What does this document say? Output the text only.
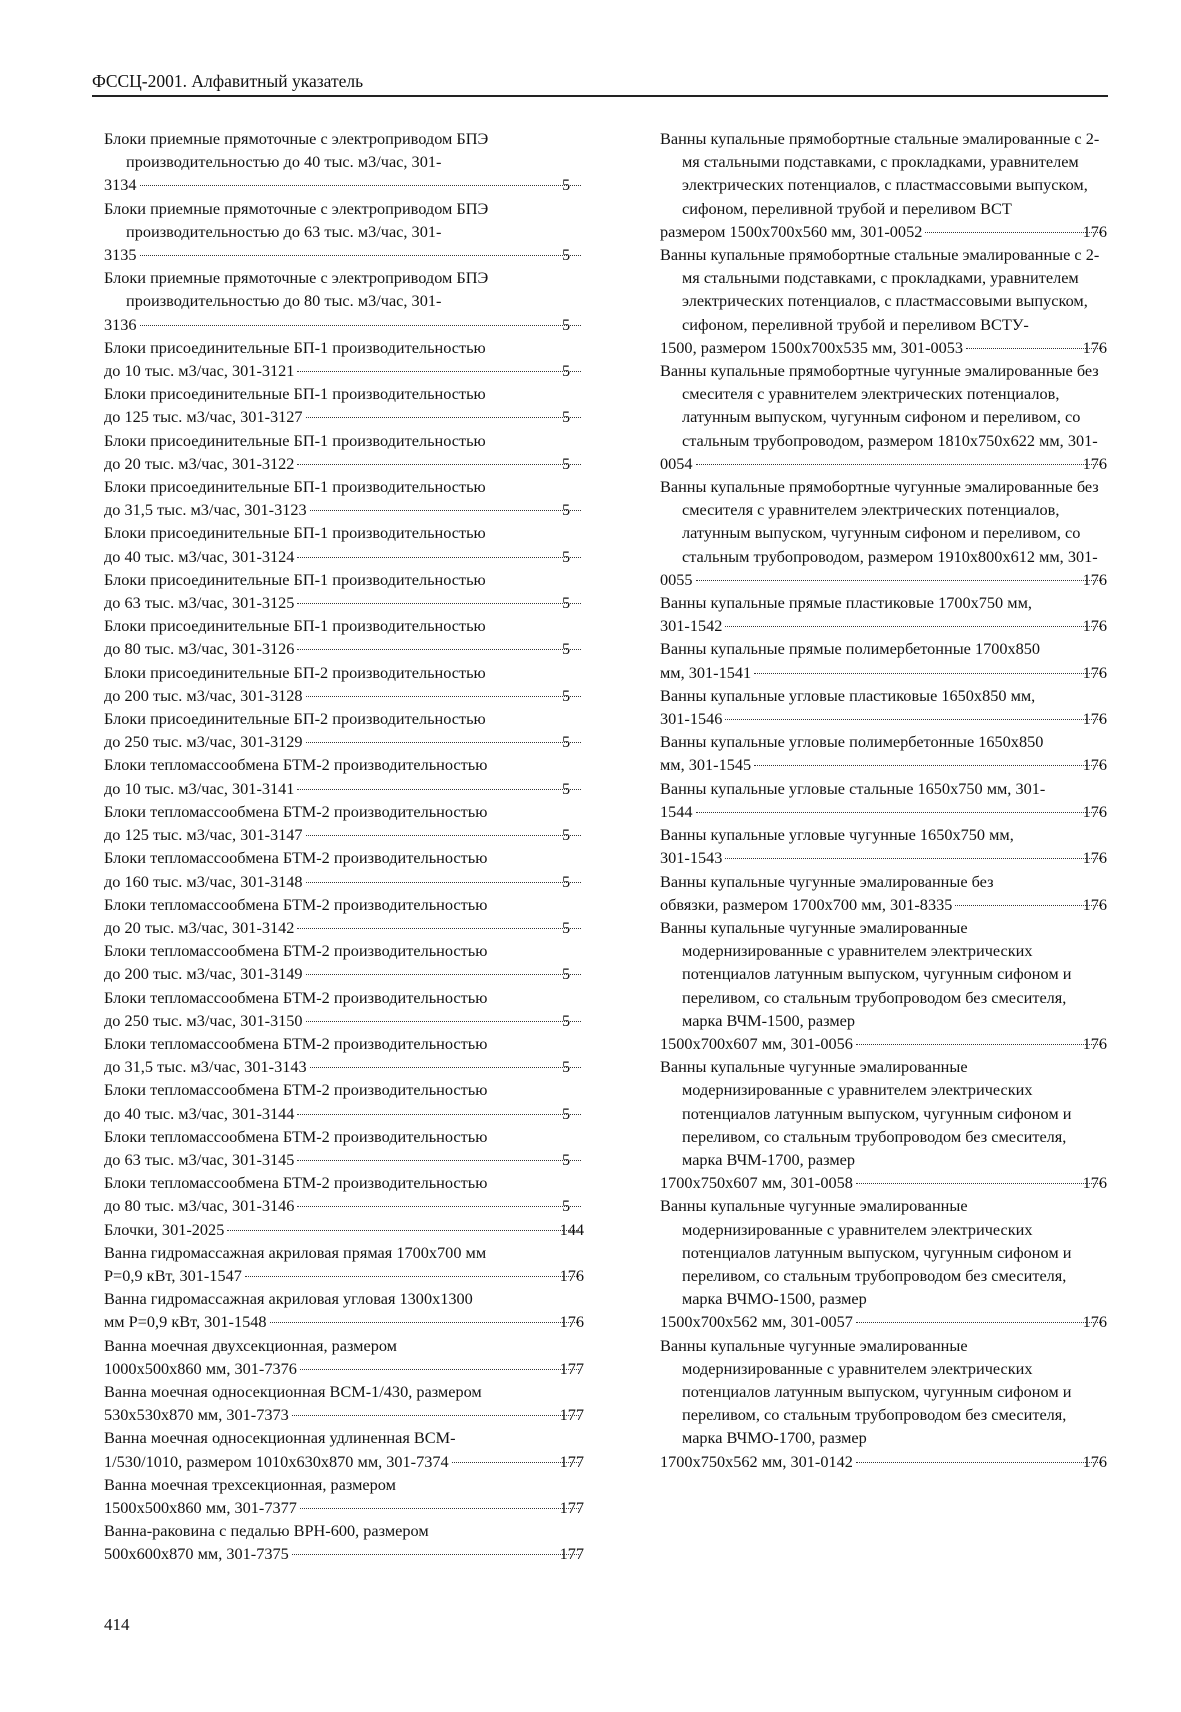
ФССЦ-2001. Алфавитный указатель
Блоки приемные прямоточные с электроприводом БПЭ производительностью до 40 тыс. м3/час, 301-
3134	5
Блоки приемные прямоточные с электроприводом БПЭ производительностью до 63 тыс. м3/час, 301-
3135	5
Блоки приемные прямоточные с электроприводом БПЭ производительностью до 80 тыс. м3/час, 301-
3136	5
Блоки присоединительные БП-1 производительностью
до 10 тыс. м3/час, 301-3121	5
Блоки присоединительные БП-1 производительностью
до 125 тыс. м3/час, 301-3127	5
Блоки присоединительные БП-1 производительностью
до 20 тыс. м3/час, 301-3122	5
Блоки присоединительные БП-1 производительностью
до 31,5 тыс. м3/час, 301-3123	5
Блоки присоединительные БП-1 производительностью
до 40 тыс. м3/час, 301-3124	5
Блоки присоединительные БП-1 производительностью
до 63 тыс. м3/час, 301-3125	5
Блоки присоединительные БП-1 производительностью
до 80 тыс. м3/час, 301-3126	5
Блоки присоединительные БП-2 производительностью
до 200 тыс. м3/час, 301-3128	5
Блоки присоединительные БП-2 производительностью
до 250 тыс. м3/час, 301-3129	5
Блоки тепломассообмена БТМ-2 производительностью
до 10 тыс. м3/час, 301-3141	5
Блоки тепломассообмена БТМ-2 производительностью
до 125 тыс. м3/час, 301-3147	5
Блоки тепломассообмена БТМ-2 производительностью
до 160 тыс. м3/час, 301-3148	5
Блоки тепломассообмена БТМ-2 производительностью
до 20 тыс. м3/час, 301-3142	5
Блоки тепломассообмена БТМ-2 производительностью
до 200 тыс. м3/час, 301-3149	5
Блоки тепломассообмена БТМ-2 производительностью
до 250 тыс. м3/час, 301-3150	5
Блоки тепломассообмена БТМ-2 производительностью
до 31,5 тыс. м3/час, 301-3143	5
Блоки тепломассообмена БТМ-2 производительностью
до 40 тыс. м3/час, 301-3144	5
Блоки тепломассообмена БТМ-2 производительностью
до 63 тыс. м3/час, 301-3145	5
Блоки тепломассообмена БТМ-2 производительностью
до 80 тыс. м3/час, 301-3146	5
Блочки, 301-2025	144
Ванна гидромассажная акриловая прямая 1700х700 мм
Р=0,9 кВт, 301-1547	176
Ванна гидромассажная акриловая угловая 1300х1300
мм Р=0,9 кВт, 301-1548	176
Ванна моечная двухсекционная, размером
1000х500х860 мм, 301-7376	177
Ванна моечная односекционная ВСМ-1/430, размером
530х530х870 мм, 301-7373	177
Ванна моечная односекционная удлиненная ВСМ-
1/530/1010, размером 1010х630х870 мм, 301-7374	177
Ванна моечная трехсекционная, размером
1500х500х860 мм, 301-7377	177
Ванна-раковина с педалью ВРН-600, размером
500х600х870 мм, 301-7375	177
Ванны купальные прямобортные стальные эмалированные с 2-мя стальными подставками, с прокладками, уравнителем электрических потенциалов, с пластмассовыми выпуском, сифоном, переливной трубой и переливом ВСТ
размером 1500х700х560 мм, 301-0052	176
Ванны купальные прямобортные стальные эмалированные с 2-мя стальными подставками, с прокладками, уравнителем электрических потенциалов, с пластмассовыми выпуском, сифоном, переливной трубой и переливом ВСТУ-
1500, размером 1500х700х535 мм, 301-0053	176
Ванны купальные прямобортные чугунные эмалированные без смесителя с уравнителем электрических потенциалов, латунным выпуском, чугунным сифоном и переливом, со стальным трубопроводом, размером 1810х750х622 мм, 301-
0054	176
Ванны купальные прямобортные чугунные эмалированные без смесителя с уравнителем электрических потенциалов, латунным выпуском, чугунным сифоном и переливом, со стальным трубопроводом, размером 1910х800х612 мм, 301-
0055	176
Ванны купальные прямые пластиковые 1700х750 мм,
301-1542	176
Ванны купальные прямые полимербетонные 1700х850
мм, 301-1541	176
Ванны купальные угловые пластиковые 1650х850 мм,
301-1546	176
Ванны купальные угловые полимербетонные 1650х850
мм, 301-1545	176
Ванны купальные угловые стальные 1650х750 мм, 301-
1544	176
Ванны купальные угловые чугунные 1650х750 мм,
301-1543	176
Ванны купальные чугунные эмалированные без
обвязки, размером 1700х700 мм, 301-8335	176
Ванны купальные чугунные эмалированные модернизированные с уравнителем электрических потенциалов латунным выпуском, чугунным сифоном и переливом, со стальным трубопроводом без смесителя, марка ВЧМ-1500, размер
1500х700х607 мм, 301-0056	176
Ванны купальные чугунные эмалированные модернизированные с уравнителем электрических потенциалов латунным выпуском, чугунным сифоном и переливом, со стальным трубопроводом без смесителя, марка ВЧМ-1700, размер
1700х750х607 мм, 301-0058	176
Ванны купальные чугунные эмалированные модернизированные с уравнителем электрических потенциалов латунным выпуском, чугунным сифоном и переливом, со стальным трубопроводом без смесителя, марка ВЧМО-1500, размер
1500х700х562 мм, 301-0057	176
Ванны купальные чугунные эмалированные модернизированные с уравнителем электрических потенциалов латунным выпуском, чугунным сифоном и переливом, со стальным трубопроводом без смесителя, марка ВЧМО-1700, размер
1700х750х562 мм, 301-0142	176
414
